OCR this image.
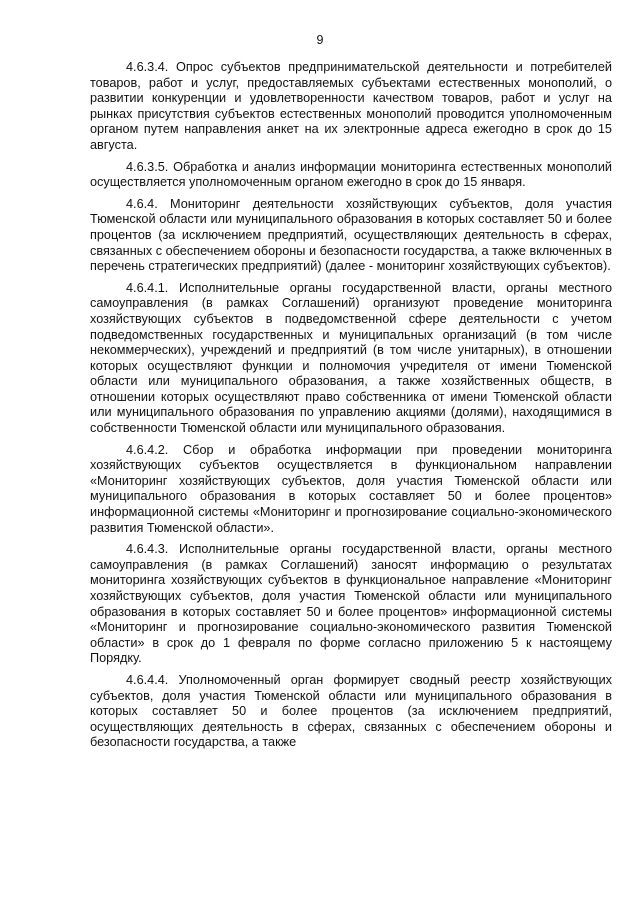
9

4.6.3.4. Опрос субъектов предпринимательской деятельности и потребителей товаров, работ и услуг, предоставляемых субъектами естественных монополий, о развитии конкуренции и удовлетворенности качеством товаров, работ и услуг на рынках присутствия субъектов естественных монополий проводится уполномоченным органом путем направления анкет на их электронные адреса ежегодно в срок до 15 августа.

4.6.3.5. Обработка и анализ информации мониторинга естественных монополий осуществляется уполномоченным органом ежегодно в срок до 15 января.

4.6.4. Мониторинг деятельности хозяйствующих субъектов, доля участия Тюменской области или муниципального образования в которых составляет 50 и более процентов (за исключением предприятий, осуществляющих деятельность в сферах, связанных с обеспечением обороны и безопасности государства, а также включенных в перечень стратегических предприятий) (далее - мониторинг хозяйствующих субъектов).

4.6.4.1. Исполнительные органы государственной власти, органы местного самоуправления (в рамках Соглашений) организуют проведение мониторинга хозяйствующих субъектов в подведомственной сфере деятельности с учетом подведомственных государственных и муниципальных организаций (в том числе некоммерческих), учреждений и предприятий (в том числе унитарных), в отношении которых осуществляют функции и полномочия учредителя от имени Тюменской области или муниципального образования, а также хозяйственных обществ, в отношении которых осуществляют право собственника от имени Тюменской области или муниципального образования по управлению акциями (долями), находящимися в собственности Тюменской области или муниципального образования.

4.6.4.2. Сбор и обработка информации при проведении мониторинга хозяйствующих субъектов осуществляется в функциональном направлении «Мониторинг хозяйствующих субъектов, доля участия Тюменской области или муниципального образования в которых составляет 50 и более процентов» информационной системы «Мониторинг и прогнозирование социально-экономического развития Тюменской области».

4.6.4.3. Исполнительные органы государственной власти, органы местного самоуправления (в рамках Соглашений) заносят информацию о результатах мониторинга хозяйствующих субъектов в функциональное направление «Мониторинг хозяйствующих субъектов, доля участия Тюменской области или муниципального образования в которых составляет 50 и более процентов» информационной системы «Мониторинг и прогнозирование социально-экономического развития Тюменской области» в срок до 1 февраля по форме согласно приложению 5 к настоящему Порядку.

4.6.4.4. Уполномоченный орган формирует сводный реестр хозяйствующих субъектов, доля участия Тюменской области или муниципального образования в которых составляет 50 и более процентов (за исключением предприятий, осуществляющих деятельность в сферах, связанных с обеспечением обороны и безопасности государства, а также
